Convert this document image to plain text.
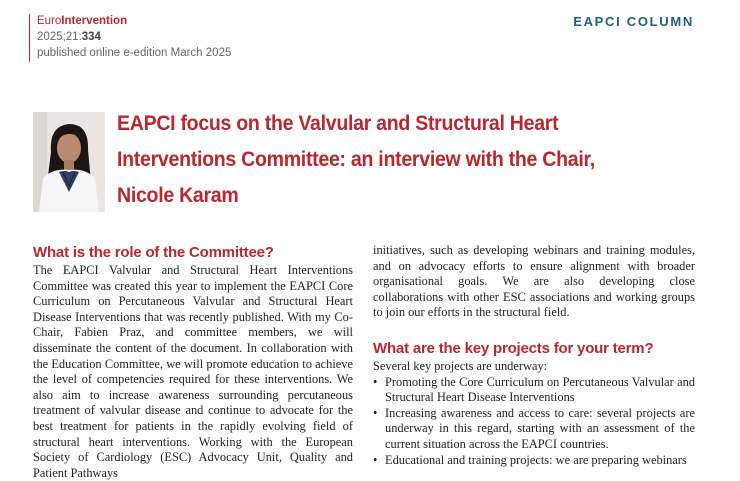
EuroIntervention
2025;21:334
published online e-edition March 2025
EAPCI COLUMN
EAPCI focus on the Valvular and Structural Heart Interventions Committee: an interview with the Chair, Nicole Karam
What is the role of the Committee?

The EAPCI Valvular and Structural Heart Interventions Committee was created this year to implement the EAPCI Core Curriculum on Percutaneous Valvular and Structural Heart Disease Interventions that was recently published. With my Co-Chair, Fabien Praz, and committee members, we will disseminate the content of the document. In collaboration with the Education Committee, we will promote education to achieve the level of competencies required for these interventions. We also aim to increase awareness surrounding percutaneous treatment of valvular disease and continue to advocate for the best treatment for patients in the rapidly evolving field of structural heart interventions. Working with the European Society of Cardiology (ESC) Advocacy Unit, Quality and Patient Pathways

initiatives, such as developing webinars and training modules, and on advocacy efforts to ensure alignment with broader organisational goals. We are also developing close collaborations with other ESC associations and working groups to join our efforts in the structural field.

What are the key projects for your term?

Several key projects are underway:

• Promoting the Core Curriculum on Percutaneous Valvular and Structural Heart Disease Interventions
• Increasing awareness and access to care: several projects are underway in this regard, starting with an assessment of the current situation across the EAPCI countries.
• Educational and training projects: we are preparing webinars
